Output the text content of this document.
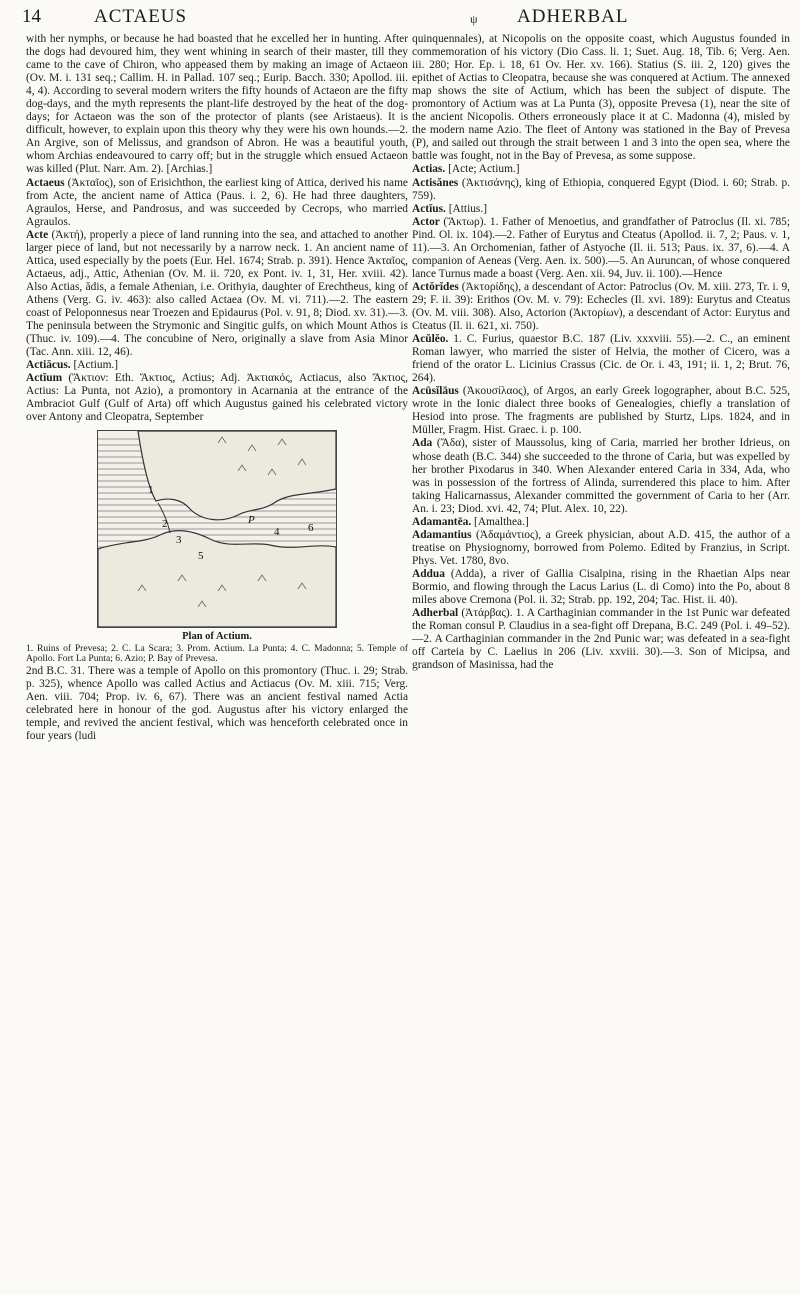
14	ACTAEUS	ψ ADHERBAL

with her nymphs, or because he had boasted that he excelled her in hunting. After the dogs had devoured him, they went whining in search of their master, till they came to the cave of Chiron, who appeased them by making an image of Actaeon (Ov. M. i. 131 seq.; Callim. H. in Pallad. 107 seq.; Eurip. Bacch. 330; Apollod. iii. 4, 4). According to several modern writers the fifty hounds of Actaeon are the fifty dog-days, and the myth represents the plant-life destroyed by the heat of the dog-days; for Actaeon was the son of the protector of plants (see Aristaeus). It is difficult, however, to explain upon this theory why they were his own hounds.—2. An Argive, son of Melissus, and grandson of Abron. He was a beautiful youth, whom Archias endeavoured to carry off; but in the struggle which ensued Actaeon was killed (Plut. Narr. Am. 2). [Archias.]

Actaeus (Ἀκταῖος), son of Erisichthon, the earliest king of Attica, derived his name from Acte, the ancient name of Attica (Paus. i. 2, 6). He had three daughters, Agraulos, Herse, and Pandrosus, and was succeeded by Cecrops, who married Agraulos.

Acte (Ἀκτή), properly a piece of land running into the sea, and attached to another larger piece of land, but not necessarily by a narrow neck. 1. An ancient name of Attica, used especially by the poets (Eur. Hel. 1674; Strab. p. 391). Hence Ἀκταῖος, Actaeus, adj., Attic, Athenian (Ov. M. ii. 720, ex Pont. iv. 1, 31, Her. xviii. 42). Also Actias, ădis, a female Athenian, i.e. Orithyia, daughter of Erechtheus, king of Athens (Verg. G. iv. 463): also called Actaea (Ov. M. vi. 711).—2. The eastern coast of Peloponnesus near Troezen and Epidaurus (Pol. v. 91, 8; Diod. xv. 31).—3. The peninsula between the Strymonic and Singitic gulfs, on which Mount Athos is (Thuc. iv. 109).—4. The concubine of Nero, originally a slave from Asia Minor (Tac. Ann. xiii. 12, 46).

Actiăcus. [Actium.]

Actĭum (Ἄκτιον: Eth. Ἄκτιος, Actius; Adj. Ἀκτιακός, Actiacus, also Ἄκτιος, Actius: La Punta, not Azio), a promontory in Acarnania at the entrance of the Ambraciot Gulf (Gulf of Arta) off which Augustus gained his celebrated victory over Antony and Cleopatra, September

1
2
3
4
5
6
P

Plan of Actium.
1. Ruins of Prevesa; 2. C. La Scara; 3. Prom. Actium. La Punta; 4. C. Madonna; 5. Temple of Apollo. Fort La Punta; 6. Azio; P. Bay of Prevesa.

2nd B.C. 31. There was a temple of Apollo on this promontory (Thuc. i. 29; Strab. p. 325), whence Apollo was called Actius and Actiacus (Ov. M. xiii. 715; Verg. Aen. viii. 704; Prop. iv. 6, 67). There was an ancient festival named Actia celebrated here in honour of the god. Augustus after his victory enlarged the temple, and revived the ancient festival, which was henceforth celebrated once in four years (ludi

quinquennales), at Nicopolis on the opposite coast, which Augustus founded in commemoration of his victory (Dio Cass. li. 1; Suet. Aug. 18, Tib. 6; Verg. Aen. iii. 280; Hor. Ep. i. 18, 61 Ov. Her. xv. 166). Statius (S. iii. 2, 120) gives the epithet of Actias to Cleopatra, because she was conquered at Actium. The annexed map shows the site of Actium, which has been the subject of dispute. The promontory of Actium was at La Punta (3), opposite Prevesa (1), near the site of the ancient Nicopolis. Others erroneously place it at C. Madonna (4), misled by the modern name Azio. The fleet of Antony was stationed in the Bay of Prevesa (P), and sailed out through the strait between 1 and 3 into the open sea, where the battle was fought, not in the Bay of Prevesa, as some suppose.

Actias. [Acte; Actium.]

Actisănes (Ἀκτισάνης), king of Ethiopia, conquered Egypt (Diod. i. 60; Strab. p. 759).

Actĭus. [Attius.]

Actor (Ἄκτωρ). 1. Father of Menoetius, and grandfather of Patroclus (Il. xi. 785; Pind. Ol. ix. 104).—2. Father of Eurytus and Cteatus (Apollod. ii. 7, 2; Paus. v. 1, 11).—3. An Orchomenian, father of Astyoche (Il. ii. 513; Paus. ix. 37, 6).—4. A companion of Aeneas (Verg. Aen. ix. 500).—5. An Auruncan, of whose conquered lance Turnus made a boast (Verg. Aen. xii. 94, Juv. ii. 100).—Hence

Actŏrĭdes (Ἀκτορίδης), a descendant of Actor: Patroclus (Ov. M. xiii. 273, Tr. i. 9, 29; F. ii. 39): Erithos (Ov. M. v. 79): Echecles (Il. xvi. 189): Eurytus and Cteatus (Ov. M. viii. 308). Also, Actorion (Ἀκτορίων), a descendant of Actor: Eurytus and Cteatus (Il. ii. 621, xi. 750).

Acŭlĕo. 1. C. Furius, quaestor B.C. 187 (Liv. xxxviii. 55).—2. C., an eminent Roman lawyer, who married the sister of Helvia, the mother of Cicero, was a friend of the orator L. Licinius Crassus (Cic. de Or. i. 43, 191; ii. 1, 2; Brut. 76, 264).

Acūsĭlāus (Ἀκουσίλαος), of Argos, an early Greek logographer, about B.C. 525, wrote in the Ionic dialect three books of Genealogies, chiefly a translation of Hesiod into prose. The fragments are published by Sturtz, Lips. 1824, and in Müller, Fragm. Hist. Graec. i. p. 100.

Ada (Ἄδα), sister of Maussolus, king of Caria, married her brother Idrieus, on whose death (B.C. 344) she succeeded to the throne of Caria, but was expelled by her brother Pixodarus in 340. When Alexander entered Caria in 334, Ada, who was in possession of the fortress of Alinda, surrendered this place to him. After taking Halicarnassus, Alexander committed the government of Caria to her (Arr. An. i. 23; Diod. xvi. 42, 74; Plut. Alex. 10, 22).

Adamantēa. [Amalthea.]

Adamantius (Ἀδαμάντιος), a Greek physician, about A.D. 415, the author of a treatise on Physiognomy, borrowed from Polemo. Edited by Franzius, in Script. Phys. Vet. 1780, 8vo.

Addua (Adda), a river of Gallia Cisalpina, rising in the Rhaetian Alps near Bormio, and flowing through the Lacus Larius (L. di Como) into the Po, about 8 miles above Cremona (Pol. ii. 32; Strab. pp. 192, 204; Tac. Hist. ii. 40).

Adherbal (Ἀτάρβας). 1. A Carthaginian commander in the 1st Punic war defeated the Roman consul P. Claudius in a sea-fight off Drepana, B.C. 249 (Pol. i. 49–52).—2. A Carthaginian commander in the 2nd Punic war; was defeated in a sea-fight off Carteia by C. Laelius in 206 (Liv. xxviii. 30).—3. Son of Micipsa, and grandson of Masinissa, had the
